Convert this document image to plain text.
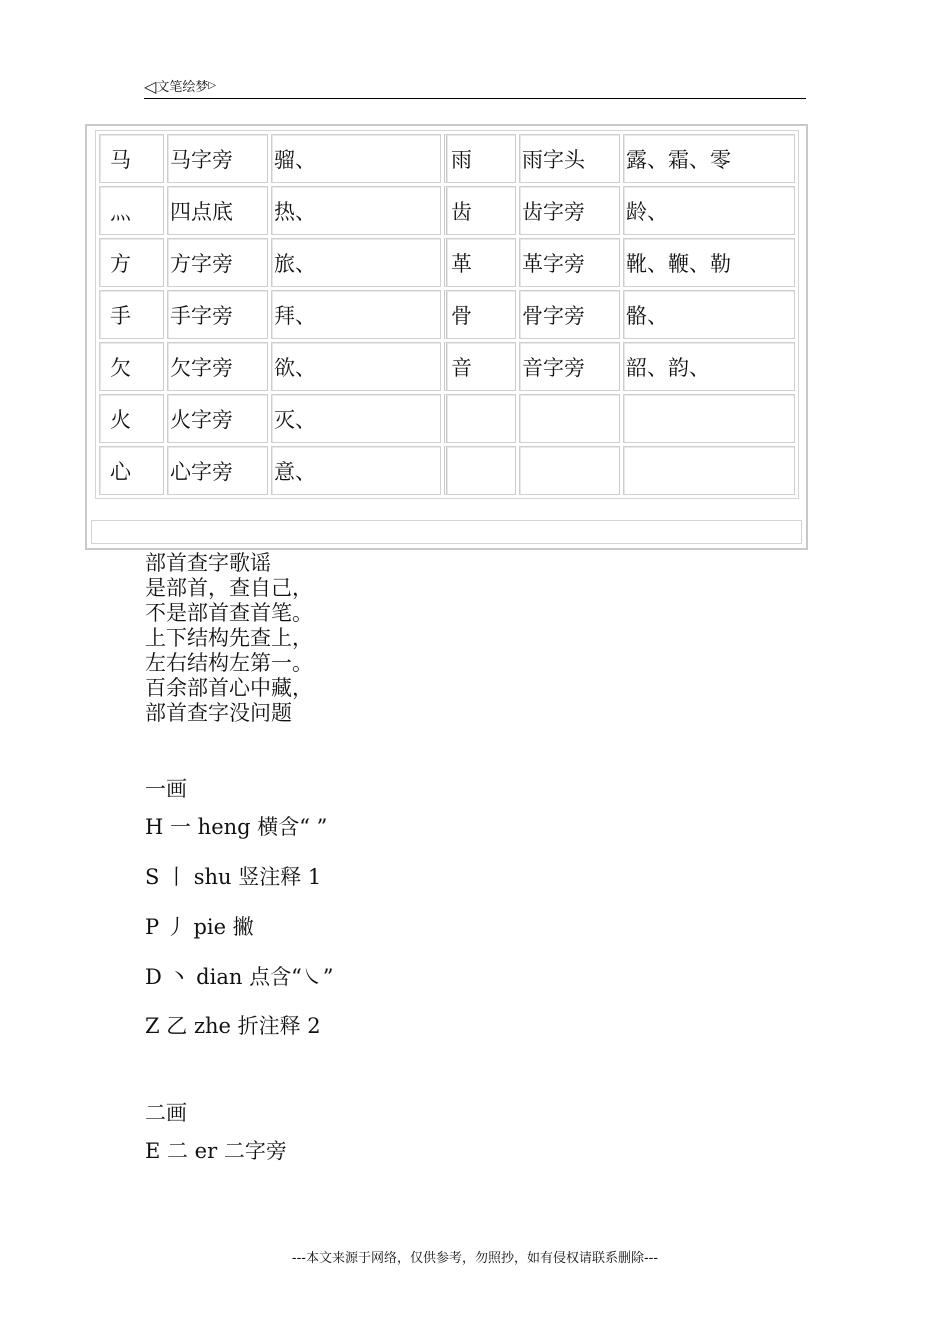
◁文笔绘梦▷
马	马字旁	骝、	雨	雨字头	露、霜、零
灬	四点底	热、	齿	齿字旁	龄、
方	方字旁	旅、	革	革字旁	靴、鞭、勒
手	手字旁	拜、	骨	骨字旁	骼、
欠	欠字旁	欲、	音	音字旁	韶、韵、
火	火字旁	灭、			
心	心字旁	意、			
部首查字歌谣
是部首，查自己，
不是部首查首笔。
上下结构先查上，
左右结构左第一。
百余部首心中藏，
部首查字没问题
一画
H 一 heng 横含“ ”
S 丨 shu 竖注释 1
P 丿 pie 撇
D 丶 dian 点含“㇏”
Z 乙 zhe 折注释 2
二画
E 二 er 二字旁
---本文来源于网络，仅供参考，勿照抄，如有侵权请联系删除---
